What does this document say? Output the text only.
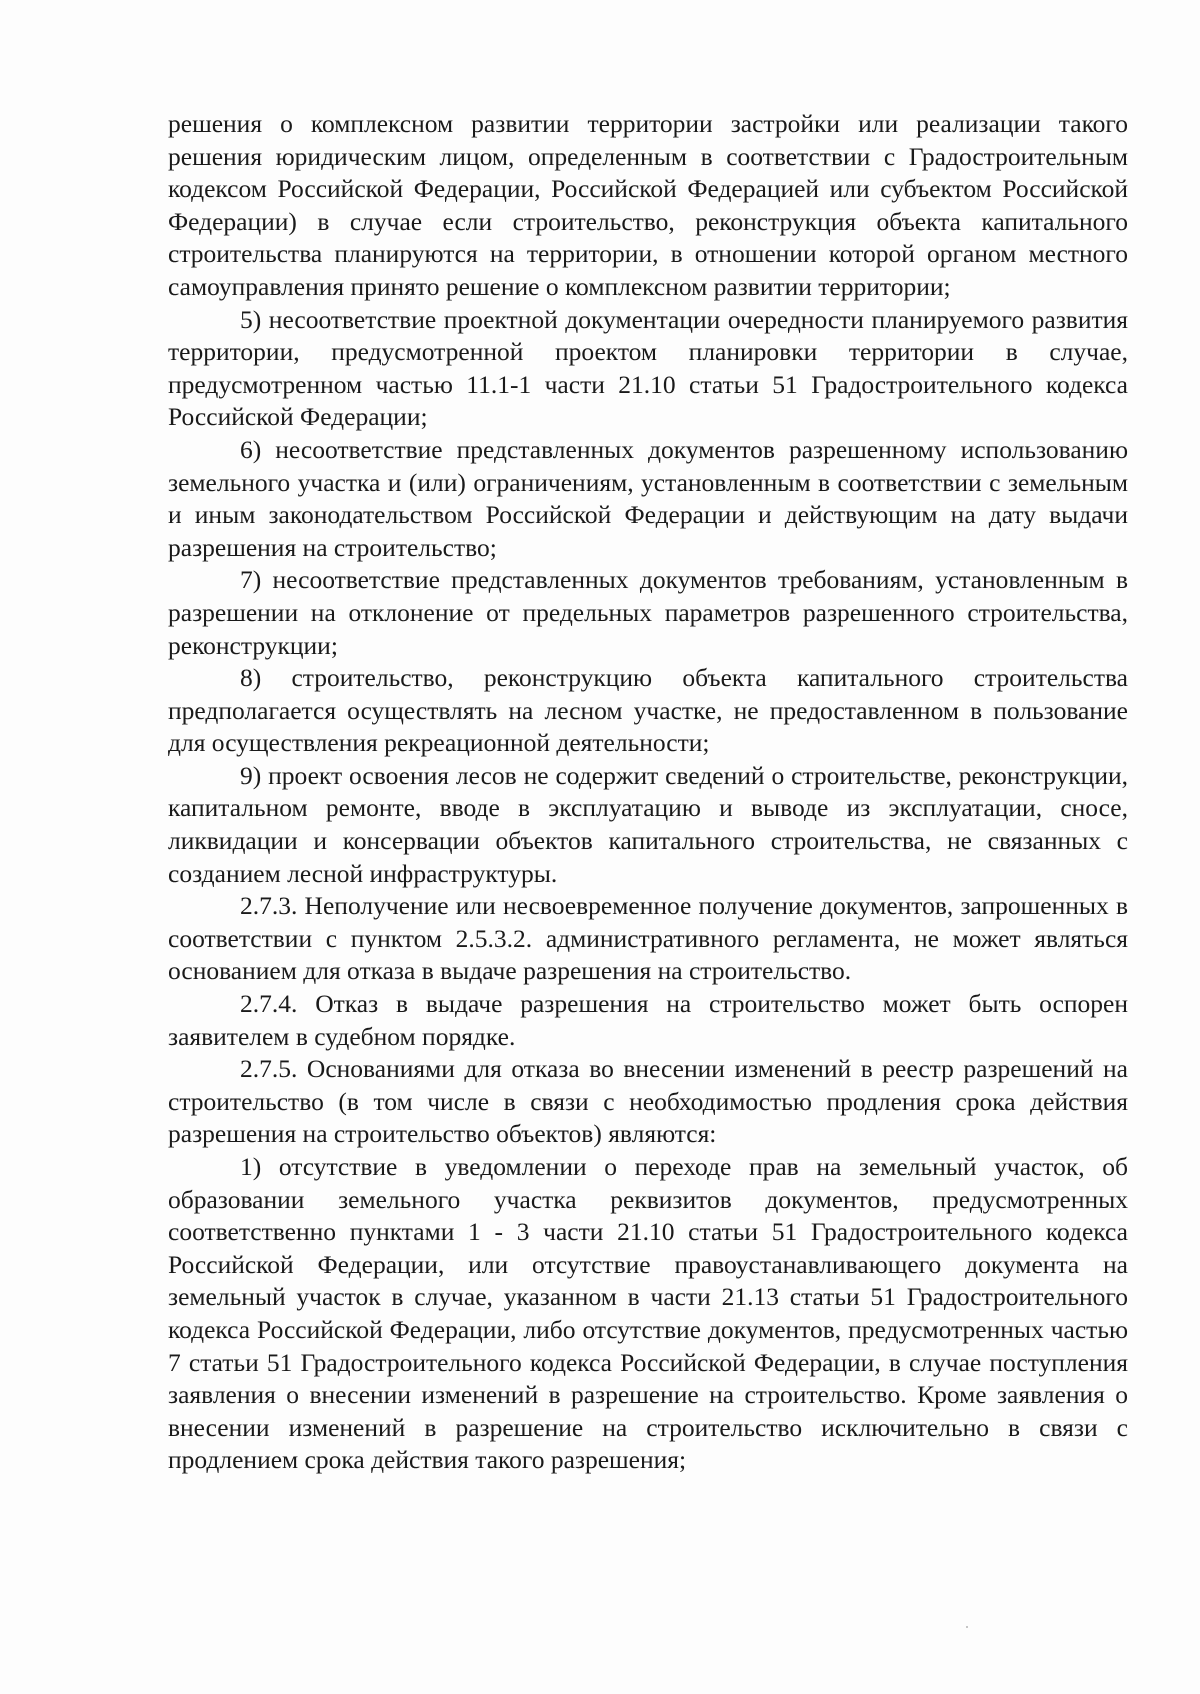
решения о комплексном развитии территории застройки или реализации такого решения юридическим лицом, определенным в соответствии с Градостроительным кодексом Российской Федерации, Российской Федерацией или субъектом Российской Федерации) в случае если строительство, реконструкция объекта капитального строительства планируются на территории, в отношении которой органом местного самоуправления принято решение о комплексном развитии территории;

5) несоответствие проектной документации очередности планируемого развития территории, предусмотренной проектом планировки территории в случае, предусмотренном частью 11.1-1 части 21.10 статьи 51 Градостроительного кодекса Российской Федерации;

6) несоответствие представленных документов разрешенному использованию земельного участка и (или) ограничениям, установленным в соответствии с земельным и иным законодательством Российской Федерации и действующим на дату выдачи разрешения на строительство;

7) несоответствие представленных документов требованиям, установленным в разрешении на отклонение от предельных параметров разрешенного строительства, реконструкции;

8) строительство, реконструкцию объекта капитального строительства предполагается осуществлять на лесном участке, не предоставленном в пользование для осуществления рекреационной деятельности;

9) проект освоения лесов не содержит сведений о строительстве, реконструкции, капитальном ремонте, вводе в эксплуатацию и выводе из эксплуатации, сносе, ликвидации и консервации объектов капитального строительства, не связанных с созданием лесной инфраструктуры.

2.7.3. Неполучение или несвоевременное получение документов, запрошенных в соответствии с пунктом 2.5.3.2. административного регламента, не может являться основанием для отказа в выдаче разрешения на строительство.

2.7.4. Отказ в выдаче разрешения на строительство может быть оспорен заявителем в судебном порядке.

2.7.5. Основаниями для отказа во внесении изменений в реестр разрешений на строительство (в том числе в связи с необходимостью продления срока действия разрешения на строительство объектов) являются:

1) отсутствие в уведомлении о переходе прав на земельный участок, об образовании земельного участка реквизитов документов, предусмотренных соответственно пунктами 1 - 3 части 21.10 статьи 51 Градостроительного кодекса Российской Федерации, или отсутствие правоустанавливающего документа на земельный участок в случае, указанном в части 21.13 статьи 51 Градостроительного кодекса Российской Федерации, либо отсутствие документов, предусмотренных частью 7 статьи 51 Градостроительного кодекса Российской Федерации, в случае поступления заявления о внесении изменений в разрешение на строительство. Кроме заявления о внесении изменений в разрешение на строительство исключительно в связи с продлением срока действия такого разрешения;
